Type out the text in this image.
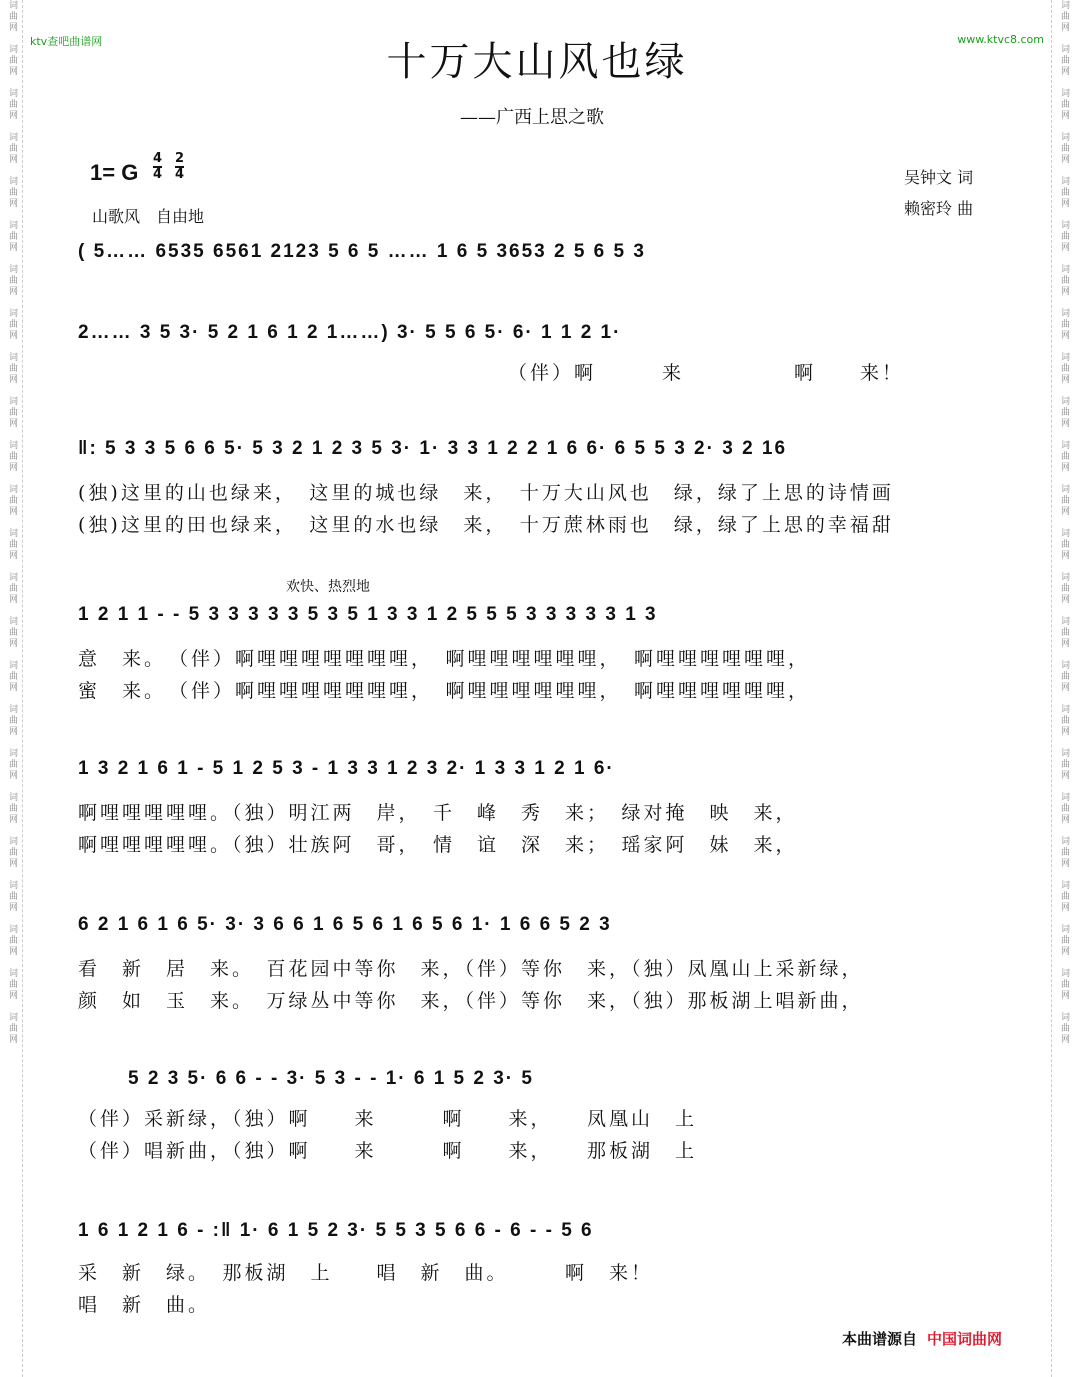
词曲网　词曲网　词曲网　词曲网　词曲网　词曲网　词曲网　词曲网　词曲网　词曲网　词曲网　词曲网　词曲网　词曲网　词曲网　词曲网　词曲网　词曲网　词曲网　词曲网　词曲网　词曲网　词曲网　词曲网　	词曲网　词曲网　词曲网　词曲网　词曲网　词曲网　词曲网　词曲网　词曲网　词曲网　词曲网　词曲网　词曲网　词曲网　词曲网　词曲网　词曲网　词曲网　词曲网　词曲网　词曲网　词曲网　词曲网　词曲网　
ktv查吧曲谱网	www.ktvc8.com
十万大山风也绿
——广西上思之歌
1= G $\frac{4}{4} \frac{2}{4}$
山歌风　自由地
吴钟文 词
赖密玲 曲
欢快、热烈地
( 5…… 6535 6561 2123 5 6 5 …… 1 6 5 3653 2 5 6 5 3
2…… 3 5 3· 5 2 1 6 1 2 1……) 3· 5 5 6 5· 6· 1 1 2 1·
（伴）啊　　　来　　　　　啊　　来！
‖: 5 3 3 5 6 6 5· 5 3 2 1 2 3 5 3· 1· 3 3 1 2 2 1 6 6· 6 5 5 3 2· 3 2 16
(独)这里的山也绿来，　这里的城也绿　来，　十万大山风也　绿，绿了上思的诗情画
(独)这里的田也绿来，　这里的水也绿　来，　十万蔗林雨也　绿，绿了上思的幸福甜
1 2 1 1 - - 5 3 3 3 3 3 5 3 5 1 3 3 1 2 5 5 5 3 3 3 3 3 1 3
意　来。　（伴）啊哩哩哩哩哩哩哩，　啊哩哩哩哩哩哩，　啊哩哩哩哩哩哩，
蜜　来。　（伴）啊哩哩哩哩哩哩哩，　啊哩哩哩哩哩哩，　啊哩哩哩哩哩哩，
1 3 2 1 6 1 - 5 1 2 5 3 - 1 3 3 1 2 3 2· 1 3 3 1 2 1 6·
啊哩哩哩哩哩。（独）明江两　岸，　千　峰　秀　来；　绿对掩　映　来，
啊哩哩哩哩哩。（独）壮族阿　哥，　情　谊　深　来；　瑶家阿　妹　来，
6 2 1 6 1 6 5· 3· 3 6 6 1 6 5 6 1 6 5 6 1· 1 6 6 5 2 3
看　新　居　来。　百花园中等你　来，（伴）等你　来，（独）凤凰山上采新绿，
颜　如　玉　来。　万绿丛中等你　来，（伴）等你　来，（独）那板湖上唱新曲，
5 2 3 5· 6 6 - - 3· 5 3 - - 1· 6 1 5 2 3· 5
（伴）采新绿，（独）啊　　来　　　啊　　来，　　凤凰山　上
（伴）唱新曲，（独）啊　　来　　　啊　　来，　　那板湖　上
1 6 1 2 1 6 - :‖ 1· 6 1 5 2 3· 5 5 3 5 6 6 - 6 - - 5 6
采　新　绿。　那板湖　上　　唱　新　曲。　　　啊　来！
唱　新　曲。
本曲谱源自 中国词曲网
